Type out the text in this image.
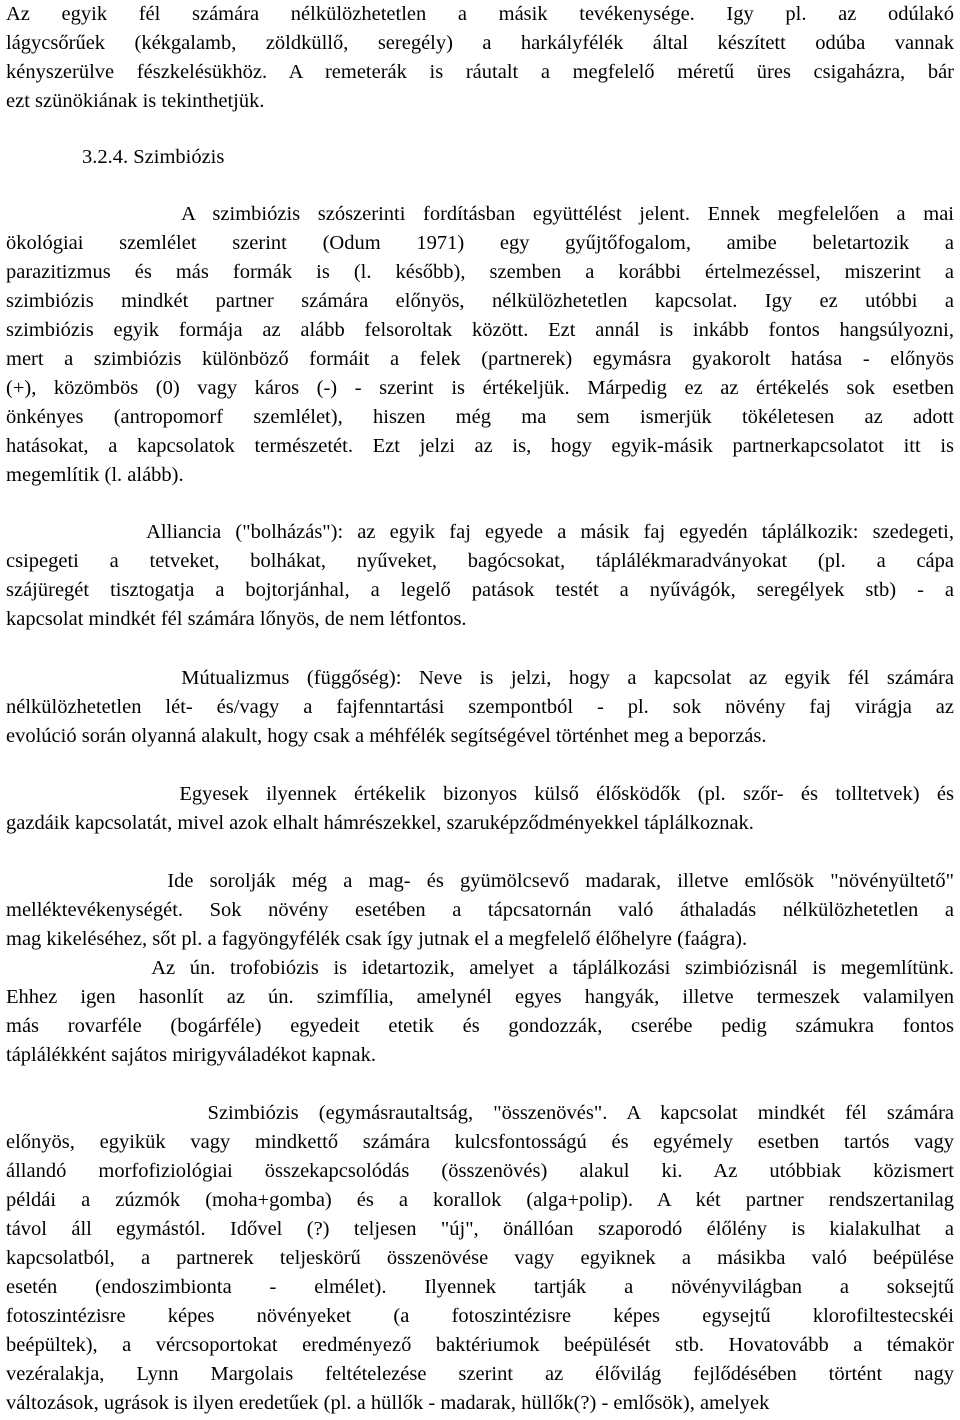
Az egyik fél számára nélkülözhetetlen a másik tevékenysége. Igy pl. az odúlakó
lágycsőrűek (kékgalamb, zöldküllő, seregély) a harkályfélék által készített odúba vannak
kényszerülve fészkelésükhöz. A remeterák is ráutalt a megfelelő méretű üres csigaházra, bár
ezt szünökiának is tekinthetjük.
3.2.4. Szimbiózis
A szimbiózis szószerinti fordításban együttélést jelent. Ennek megfelelően a mai
ökológiai szemlélet szerint (Odum 1971) egy gyűjtőfogalom, amibe beletartozik a
parazitizmus és más formák is (l. később), szemben a korábbi értelmezéssel, miszerint a
szimbiózis mindkét partner számára előnyös, nélkülözhetetlen kapcsolat. Igy ez utóbbi a
szimbiózis egyik formája az alább felsoroltak között. Ezt annál is inkább fontos hangsúlyozni,
mert a szimbiózis különböző formáit a felek (partnerek) egymásra gyakorolt hatása - előnyös
(+), közömbös (0) vagy káros (-) - szerint is értékeljük. Márpedig ez az értékelés sok esetben
önkényes (antropomorf szemlélet), hiszen még ma sem ismerjük tökéletesen az adott
hatásokat, a kapcsolatok természetét. Ezt jelzi az is, hogy egyik-másik partnerkapcsolatot itt is
megemlítik (l. alább).
Alliancia ("bolházás"): az egyik faj egyede a másik faj egyedén táplálkozik: szedegeti,
csipegeti a tetveket, bolhákat, nyűveket, bagócsokat, táplálékmaradványokat (pl. a cápa
szájüregét tisztogatja a bojtorjánhal, a legelő patások testét a nyűvágók, seregélyek stb) - a
kapcsolat mindkét fél számára lőnyös, de nem létfontos.
Mútualizmus (függőség): Neve is jelzi, hogy a kapcsolat az egyik fél számára
nélkülözhetetlen lét- és/vagy a fajfenntartási szempontból - pl. sok növény faj virágja az
evolúció során olyanná alakult, hogy csak a méhfélék segítségével történhet meg a beporzás.
Egyesek ilyennek értékelik bizonyos külső élősködők (pl. szőr- és tolltetvek) és
gazdáik kapcsolatát, mivel azok elhalt hámrészekkel, szaruképződményekkel táplálkoznak.
Ide sorolják még a mag- és gyümölcsevő madarak, illetve emlősök "növényültető"
melléktevékenységét. Sok növény esetében a tápcsatornán való áthaladás nélkülözhetetlen a
mag kikeléséhez, sőt pl. a fagyöngyfélék csak így jutnak el a megfelelő élőhelyre (faágra).
Az ún. trofobiózis is idetartozik, amelyet a táplálkozási szimbiózisnál is megemlítünk.
Ehhez igen hasonlít az ún. szimfília, amelynél egyes hangyák, illetve termeszek valamilyen
más rovarféle (bogárféle) egyedeit etetik és gondozzák, cserébe pedig számukra fontos
táplálékként sajátos mirigyváladékot kapnak.
Szimbiózis (egymásrautaltság, "összenövés". A kapcsolat mindkét fél számára
előnyös, egyikük vagy mindkettő számára kulcsfontosságú és egyémely esetben tartós vagy
állandó morfofiziológiai összekapcsolódás (összenövés) alakul ki. Az utóbbiak közismert
példái a zúzmók (moha+gomba) és a korallok (alga+polip). A két partner rendszertanilag
távol áll egymástól. Idővel (?) teljesen "új", önállóan szaporodó élőlény is kialakulhat a
kapcsolatból, a partnerek teljeskörű összenövése vagy egyiknek a másikba való beépülése
esetén (endoszimbionta - elmélet). Ilyennek tartják a növényvilágban a soksejtű
fotoszintézisre képes növényeket (a fotoszintézisre képes egysejtű klorofiltestecskéi
beépültek), a vércsoportokat eredményező baktériumok beépülését stb. Hovatovább a témakör
vezéralakja, Lynn Margolais feltételezése szerint az élővilág fejlődésében történt nagy
változások, ugrások is ilyen eredetűek (pl. a hüllők - madarak, hüllők(?) - emlősök), amelyek
